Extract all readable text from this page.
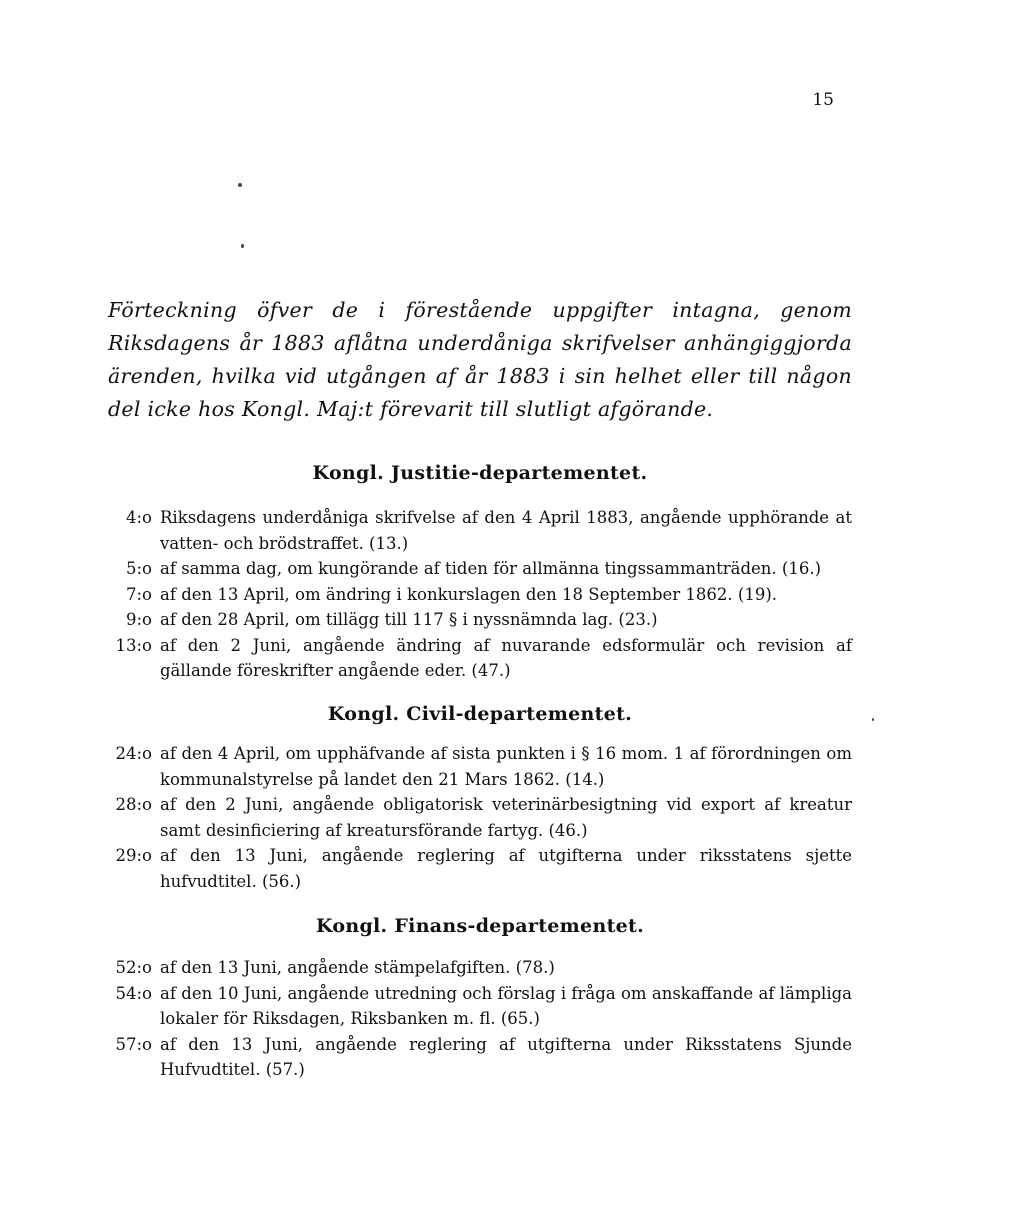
15

Förteckning öfver de i förestående uppgifter intagna, genom Riksdagens år 1883 aflåtna underdåniga skrifvelser anhängiggjorda ärenden, hvilka vid utgången af år 1883 i sin helhet eller till någon del icke hos Kongl. Maj:t förevarit till slutligt afgörande.

Kongl. Justitie-departementet.
4:o Riksdagens underdåniga skrifvelse af den 4 April 1883, angående upphörande at vatten- och brödstraffet. (13.)
5:o af samma dag, om kungörande af tiden för allmänna tingssammanträden. (16.)
7:o af den 13 April, om ändring i konkurslagen den 18 September 1862. (19).
9:o af den 28 April, om tillägg till 117 § i nyssnämnda lag. (23.)
13:o af den 2 Juni, angående ändring af nuvarande edsformulär och revision af gällande föreskrifter angående eder. (47.)
Kongl. Civil-departementet.
24:o af den 4 April, om upphäfvande af sista punkten i § 16 mom. 1 af förordningen om kommunalstyrelse på landet den 21 Mars 1862. (14.)
28:o af den 2 Juni, angående obligatorisk veterinärbesigtning vid export af kreatur samt desinficiering af kreatursförande fartyg. (46.)
29:o af den 13 Juni, angående reglering af utgifterna under riksstatens sjette hufvudtitel. (56.)
Kongl. Finans-departementet.
52:o af den 13 Juni, angående stämpelafgiften. (78.)
54:o af den 10 Juni, angående utredning och förslag i fråga om anskaffande af lämpliga lokaler för Riksdagen, Riksbanken m. fl. (65.)
57:o af den 13 Juni, angående reglering af utgifterna under Riksstatens Sjunde Hufvudtitel. (57.)
